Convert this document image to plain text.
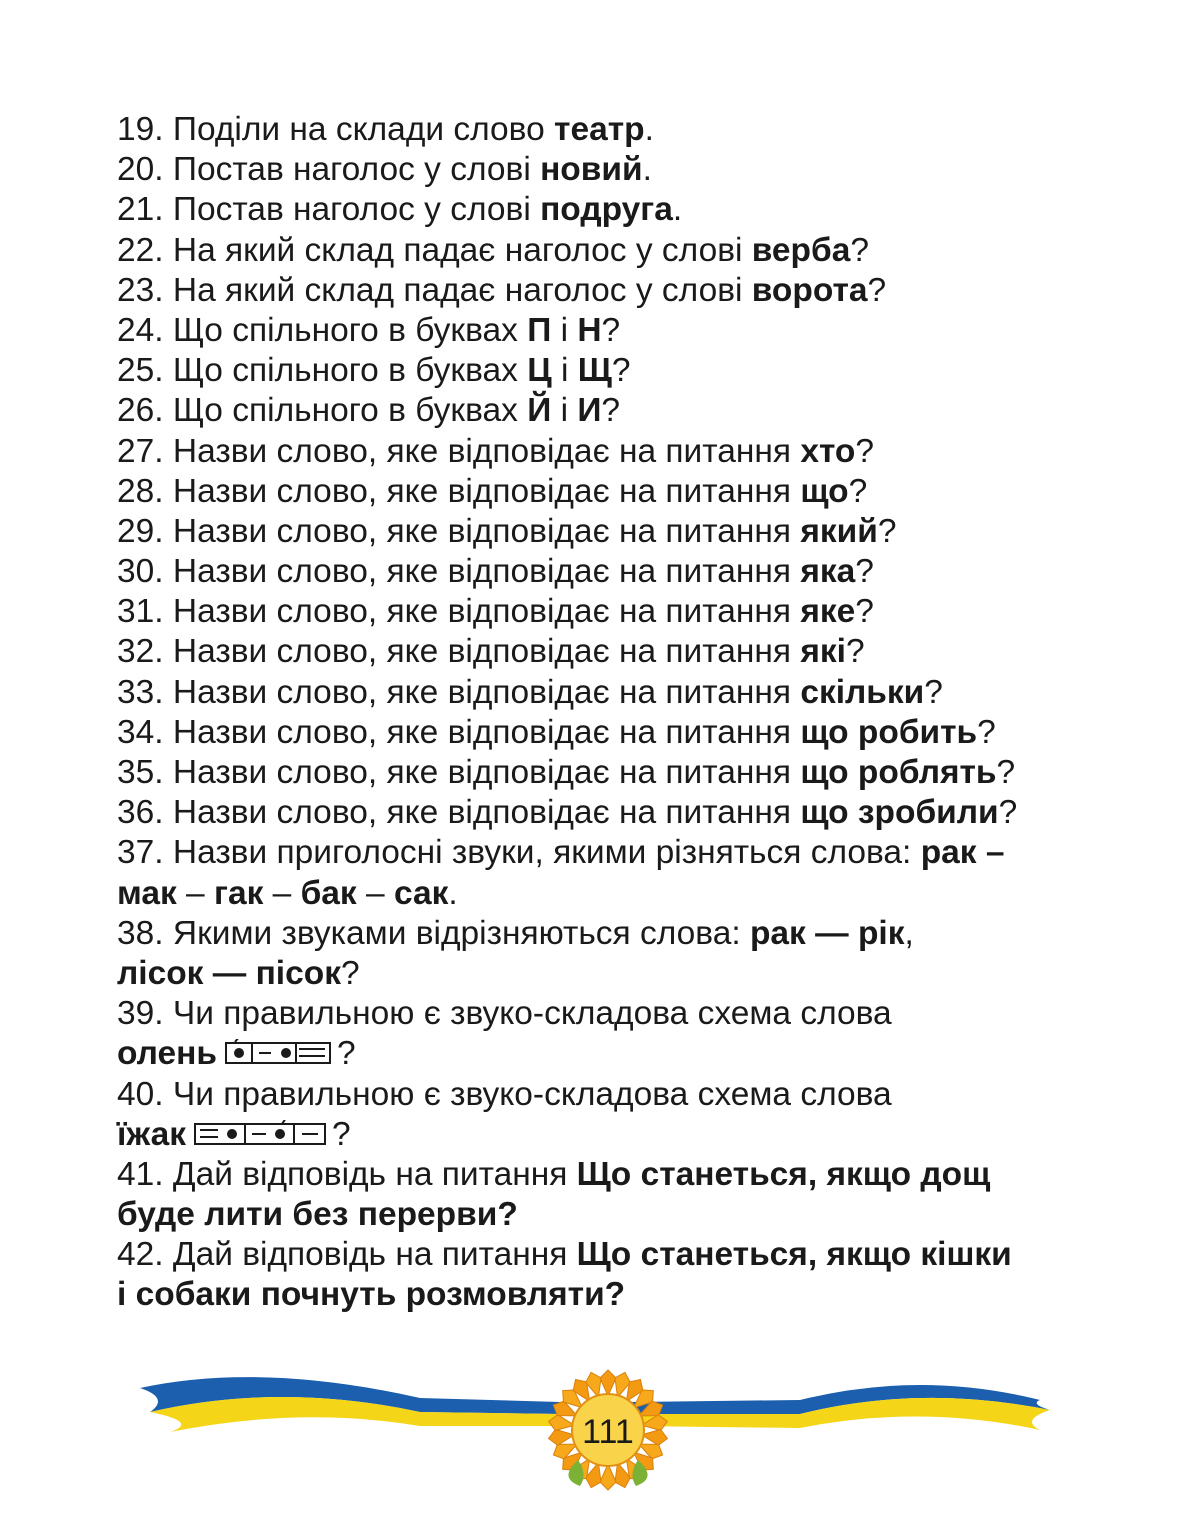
19. Поділи на склади слово театр.
20. Постав наголос у слові новий.
21. Постав наголос у слові подруга.
22. На який склад падає наголос у слові верба?
23. На який склад падає наголос у слові ворота?
24. Що спільного в буквах П і Н?
25. Що спільного в буквах Ц і Щ?
26. Що спільного в буквах Й і И?
27. Назви слово, яке відповідає на питання хто?
28. Назви слово, яке відповідає на питання що?
29. Назви слово, яке відповідає на питання який?
30. Назви слово, яке відповідає на питання яка?
31. Назви слово, яке відповідає на питання яке?
32. Назви слово, яке відповідає на питання які?
33. Назви слово, яке відповідає на питання скільки?
34. Назви слово, яке відповідає на питання що робить?
35. Назви слово, яке відповідає на питання що роблять?
36. Назви слово, яке відповідає на питання що зробили?
37. Назви приголосні звуки, якими різняться слова: рак –
мак – гак – бак – сак.
38. Якими звуками відрізняються слова: рак — рік,
лісок — пісок?
39. Чи правильною є звуко-складова схема слова
олень	?
40. Чи правильною є звуко-складова схема слова
їжак	?
41. Дай відповідь на питання Що станеться, якщо дощ
буде лити без перерви?
42. Дай відповідь на питання Що станеться, якщо кішки
і собаки почнуть розмовляти?
111
